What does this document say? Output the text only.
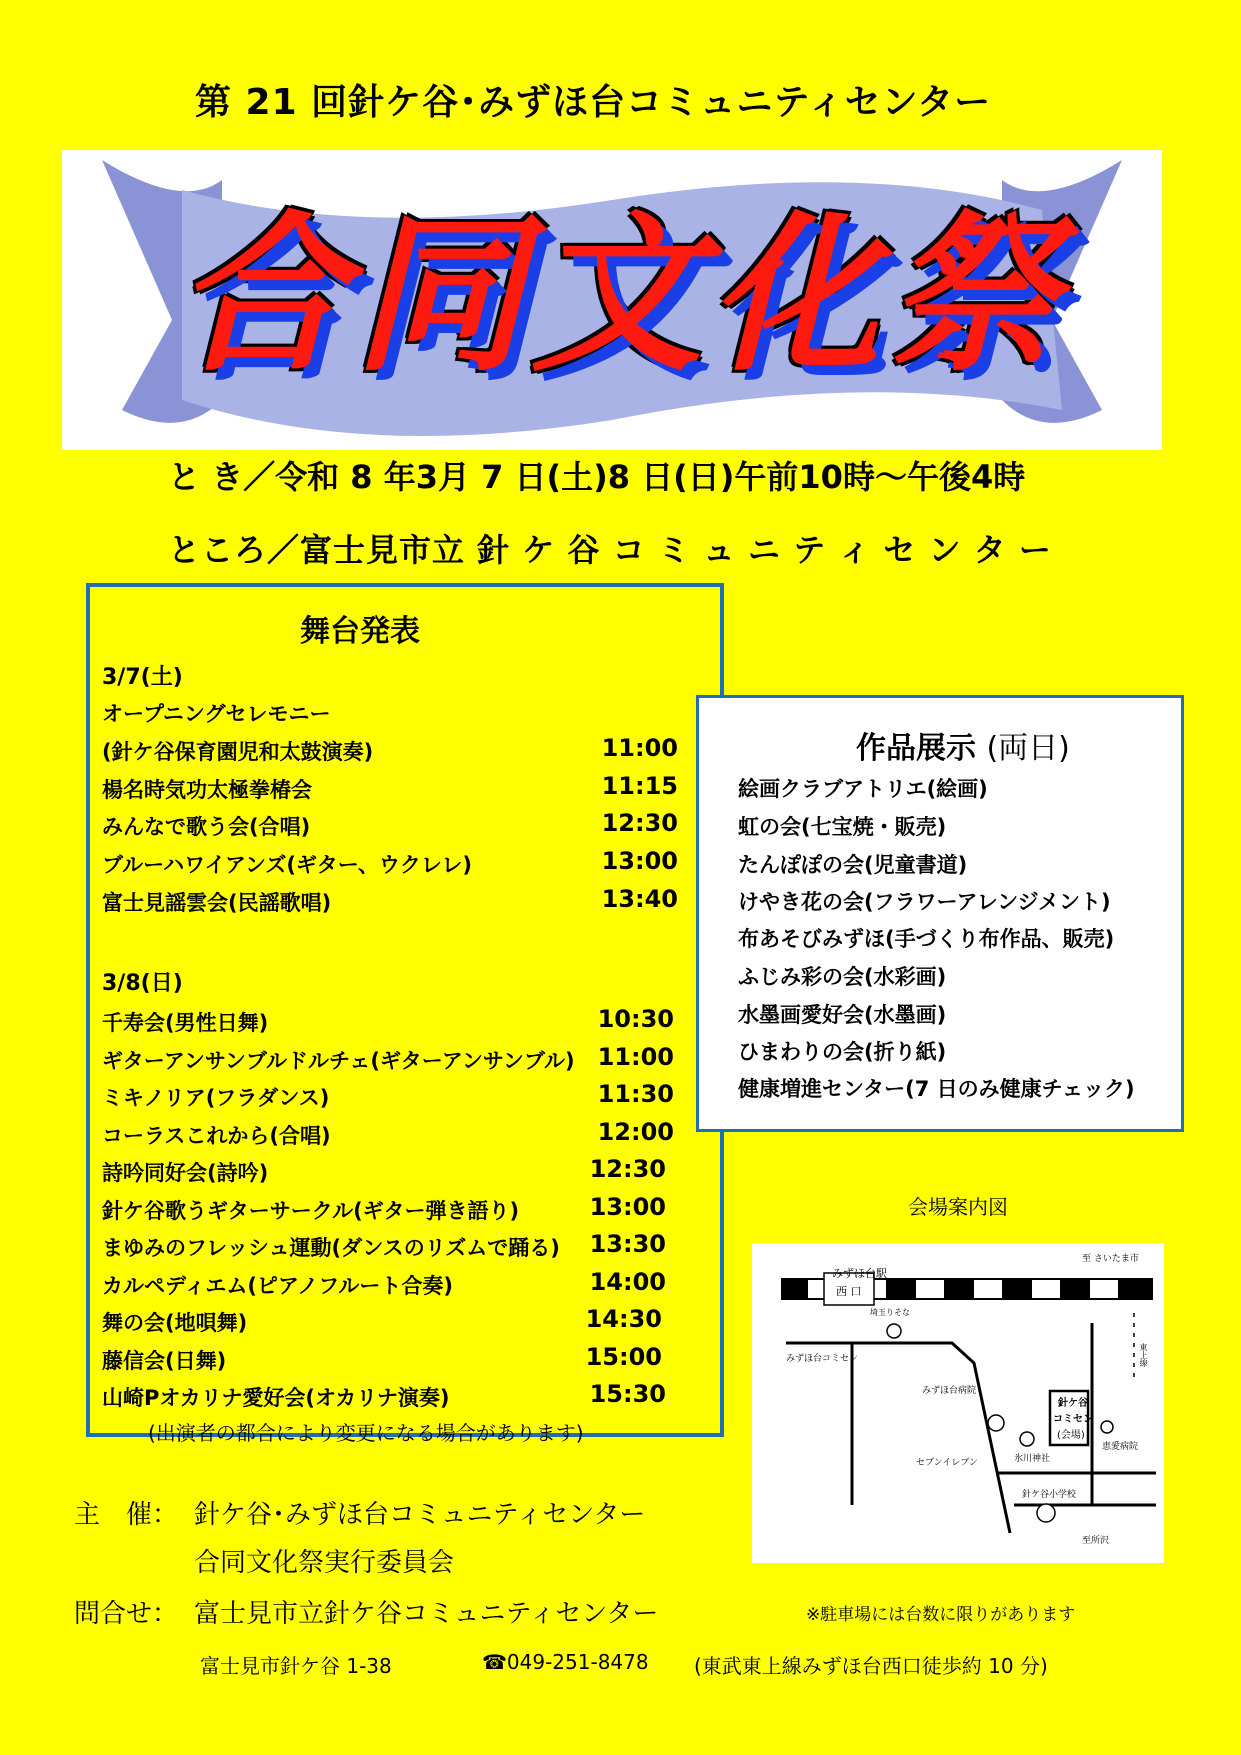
第 21 回針ケ谷･みずほ台コミュニティセンター
合同文化祭
と き／令和 8 年3月 7 日(土)8 日(日)午前10時～午後4時
ところ／富士見市立 針 ケ 谷 コ ミ ュ ニ テ ィ セ ン タ ー
舞台発表
3/7(土)
オープニングセレモニー
(針ケ谷保育園児和太鼓演奏)	11:00
楊名時気功太極拳椿会	11:15
みんなで歌う会(合唱)	12:30
ブルーハワイアンズ(ギター、ウクレレ)	13:00
富士見謡雲会(民謡歌唱)	13:40
3/8(日)
千寿会(男性日舞)	10:30
ギターアンサンブルドルチェ(ギターアンサンブル) 11:00
ミキノリア(フラダンス)	11:30
コーラスこれから(合唱)	12:00
詩吟同好会(詩吟)	12:30
針ケ谷歌うギターサークル(ギター弾き語り)	13:00
まゆみのフレッシュ運動(ダンスのリズムで踊る)	13:30
カルペディエム(ピアノフルート合奏)	14:00
舞の会(地唄舞)	14:30
藤信会(日舞)	15:00
山崎Pオカリナ愛好会(オカリナ演奏)	15:30
(出演者の都合により変更になる場合があります)
作品展示 (両日)
絵画クラブアトリエ(絵画)
虹の会(七宝焼・販売)
たんぽぽの会(児童書道)
けやき花の会(フラワーアレンジメント)
布あそびみずほ(手づくり布作品、販売)
ふじみ彩の会(水彩画)
水墨画愛好会(水墨画)
ひまわりの会(折り紙)
健康増進センター(7 日のみ健康チェック)
会場案内図
みずほ台駅
西 口
至 さいたま市
至所沢
みずほ台コミセン
埼玉りそな
みずほ台病院
セブンイレブン	氷川神社
恵愛病院
針ケ谷小学校
針ケ谷
コミセン
(会場)
東上線
主　催： 針ケ谷･みずほ台コミュニティセンター
合同文化祭実行委員会
問合せ： 富士見市立針ケ谷コミュニティセンター	※駐車場には台数に限りがあります
富士見市針ケ谷 1-38	☎049-251-8478 (東武東上線みずほ台西口徒歩約 10 分)
